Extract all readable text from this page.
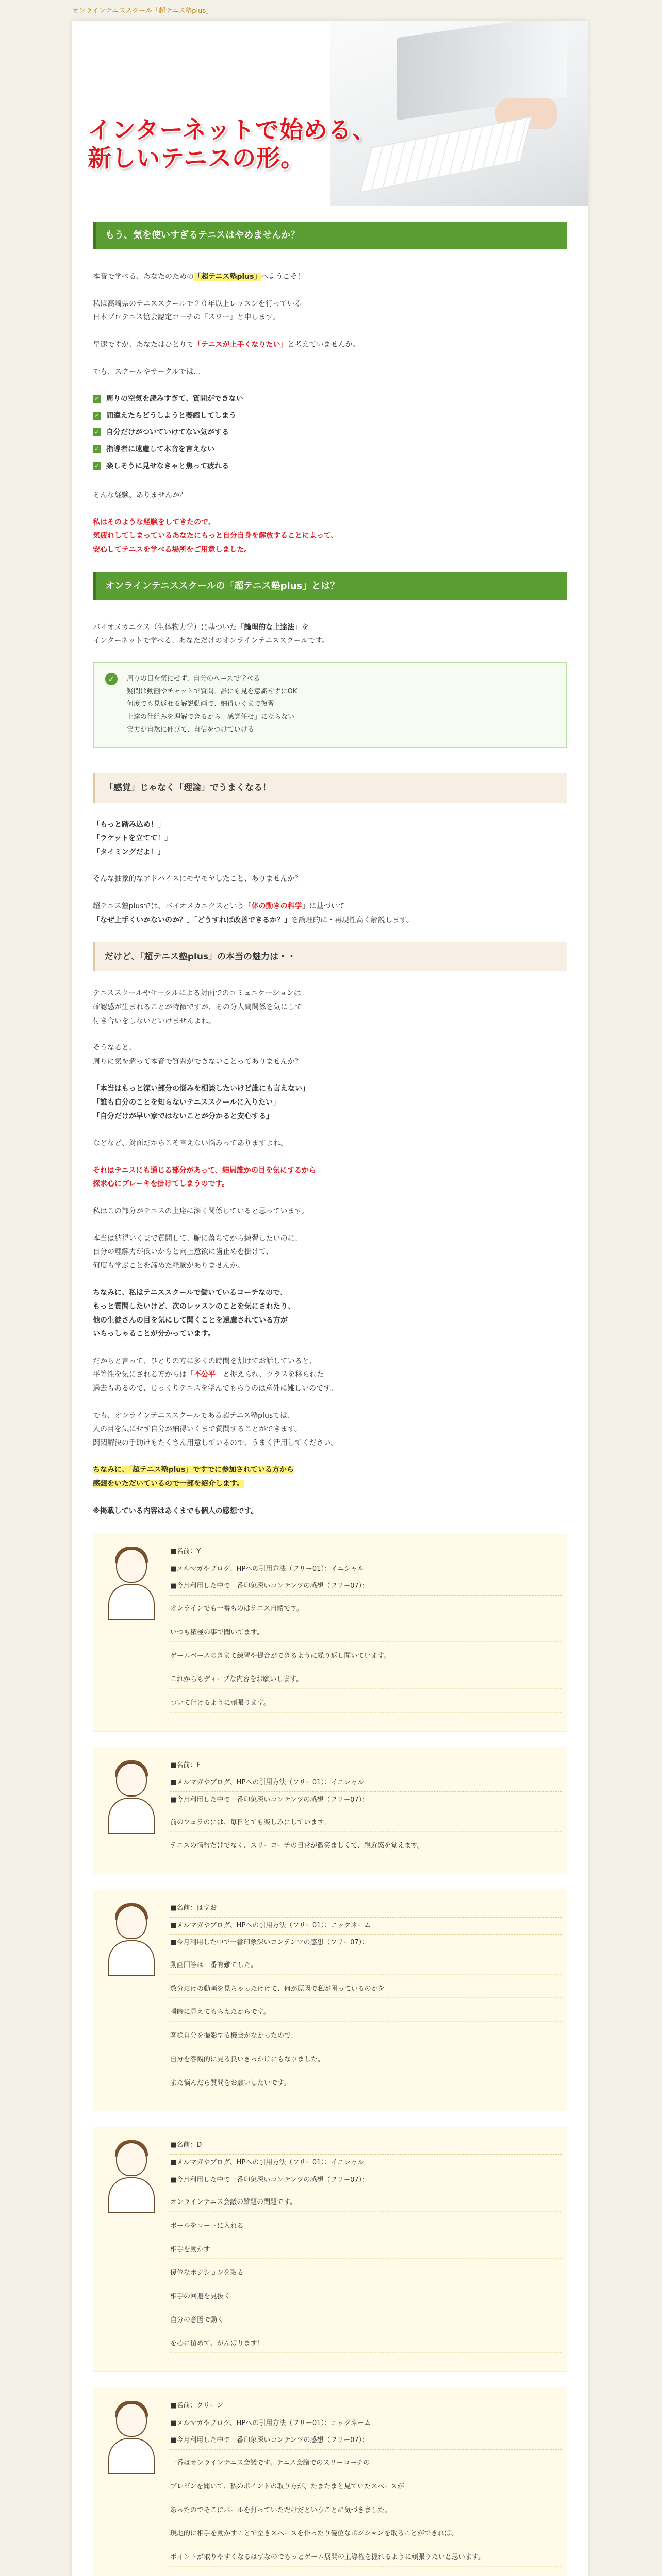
オンラインテニススクール「超テニス塾plus」
インターネットで始める、
新しいテニスの形。
もう、気を使いすぎるテニスはやめませんか？

本音で学べる、あなたのための「超テニス塾plus」へようこそ！

私は高崎県のテニススクールで２０年以上レッスンを行っている
日本プロテニス協会認定コーチの「スワー」と申します。

早速ですが、あなたはひとりで「テニスが上手くなりたい」と考えていませんか。

でも、スクールやサークルでは…

✓ 周りの空気を読みすぎて、質問ができない
✓ 間違えたらどうしようと萎縮してしまう
✓ 自分だけがついていけてない気がする
✓ 指導者に遠慮して本音を言えない
✓ 楽しそうに見せなきゃと焦って疲れる

そんな経験、ありませんか？

私はそのような経験をしてきたので、
気疲れしてしまっているあなたにもっと自分自身を解放することによって、
安心してテニスを学べる場所をご用意しました。

オンラインテニススクールの「超テニス塾plus」とは？

バイオメカニクス（生体物力学）に基づいた「論理的な上達法」を
インターネットで学べる、あなただけのオンラインテニススクールです。

✓	周りの目を気にせず、自分のペースで学べる
疑問は動画やチャットで質問。誰にも見を意識せずにOK
何度でも見返せる解説動画で、納得いくまで復習
上達の仕組みを理解できるから「感覚任せ」にならない
実力が自然に伸びて、自信をつけていける
「感覚」じゃなく「理論」でうまくなる！

「もっと踏み込め！」
「ラケットを立てて！」
「タイミングだよ！」

そんな抽象的なアドバイスにモヤモヤしたこと、ありませんか？

超テニス塾plusでは、バイオメカニクスという「体の動きの科学」に基づいて
「なぜ上手くいかないのか？」「どうすれば改善できるか？」を論理的に・再現性高く解説します。

だけど、「超テニス塾plus」の本当の魅力は・・

テニススクールやサークルによる対面でのコミュニケーションは
確認感が生まれることが特徴ですが、その分人間関係を気にして
付き合いをしないといけませんよね。

そうなると、
周りに気を遣って本音で質問ができないことってありませんか？

「本当はもっと深い部分の悩みを相談したいけど誰にも言えない」
「誰も自分のことを知らないテニススクールに入りたい」
「自分だけが早い家ではないことが分かると安心する」

などなど、対面だからこそ言えない悩みってありますよね。

それはテニスにも通じる部分があって、結局誰かの目を気にするから
探求心にブレーキを掛けてしまうのです。

私はこの部分がテニスの上達に深く関係していると思っています。

本当は納得いくまで質問して、腑に落ちてから練習したいのに、
自分の理解力が低いからと向上意欲に歯止めを掛けて、
何度も学ぶことを諦めた経験がありませんか。

ちなみに、私はテニススクールで働いているコーチなので、
もっと質問したいけど、次のレッスンのことを気にされたり、
他の生徒さんの目を気にして聞くことを遠慮されている方が
いらっしゃることが分かっています。

だからと言って、ひとりの方に多くの時間を割けてお話していると、
平等性を気にされる方からは「不公平」と捉えられ、クラスを移られた
過去もあるので、じっくりテニスを学んでもらうのは意外に難しいのです。

でも、オンラインテニススクールである超テニス塾plusでは、
人の目を気にせず自分が納得いくまで質問することができます。
悶悶解決の手助けもたくさん用意しているので、うまく活用してください。

ちなみに、「超テニス塾plus」ですでに参加されている方から
感想をいただいているので一部を紹介します。

※掲載している内容はあくまでも個人の感想です。

■名前：Y
■メルマガやブログ、HPへの引用方法（フリー01）：イニシャル
■今月利用した中で一番印象深いコンテンツの感想（フリー07）：

オンラインでも一番ものはテニス自體です。

いつも積極の事で聞いてます。

ゲームベースのきまて練習や提合ができるように繰り返し聞いています。

これからもディープな内容をお願いします。

ついて行けるように頑張ります。

■名前：F
■メルマガやブログ、HPへの引用方法（フリー01）：イニシャル
■今月利用した中で一番印象深いコンテンツの感想（フリー07）：

前のフェラのには、毎日とても楽しみにしています。

テニスの情報だけでなく、スリーコーチの日常が微笑ましくて、親近感を覚えます。

■名前：はすお
■メルマガやブログ、HPへの引用方法（フリー01）：ニックネーム
■今月利用した中で一番印象深いコンテンツの感想（フリー07）：

動画回答は一番有難てした。

数分だけの動画を見ちゃったけけて、何が原因で私が困っているのかを

瞬時に見えてもらえたからです。

客様自分を撮影する機会がなかったので、

自分を客観的に見る良いきっかけにもなりました。

また悩んだら質問をお願いしたいです。

■名前：D
■メルマガやブログ、HPへの引用方法（フリー01）：イニシャル
■今月利用した中で一番印象深いコンテンツの感想（フリー07）：

オンラインテニス会議の難題の問題です。

ボールをコートに入れる

相手を動かす

優位なポジションを取る

相手の回避を見抜く

自分の意図で動く

を心に留めて、がんばります！

■名前：グリーン
■メルマガやブログ、HPへの引用方法（フリー01）：ニックネーム
■今月利用した中で一番印象深いコンテンツの感想（フリー07）：

一番はオンラインテニス会議です。テニス会議でのスリーコーチの

プレゼンを聞いて、私のポイントの取り方が、たまたまと見ていたスペースが

あったのでそこにボールを打っていただけだということに気づきました。

現地的に相手を動かすことで空きスペースを作ったり優位なポジションを取ることができれば、

ポイントが取りやすくなるはずなのでもっとゲーム展開の主導権を握れるように頑張りたいと思います。
